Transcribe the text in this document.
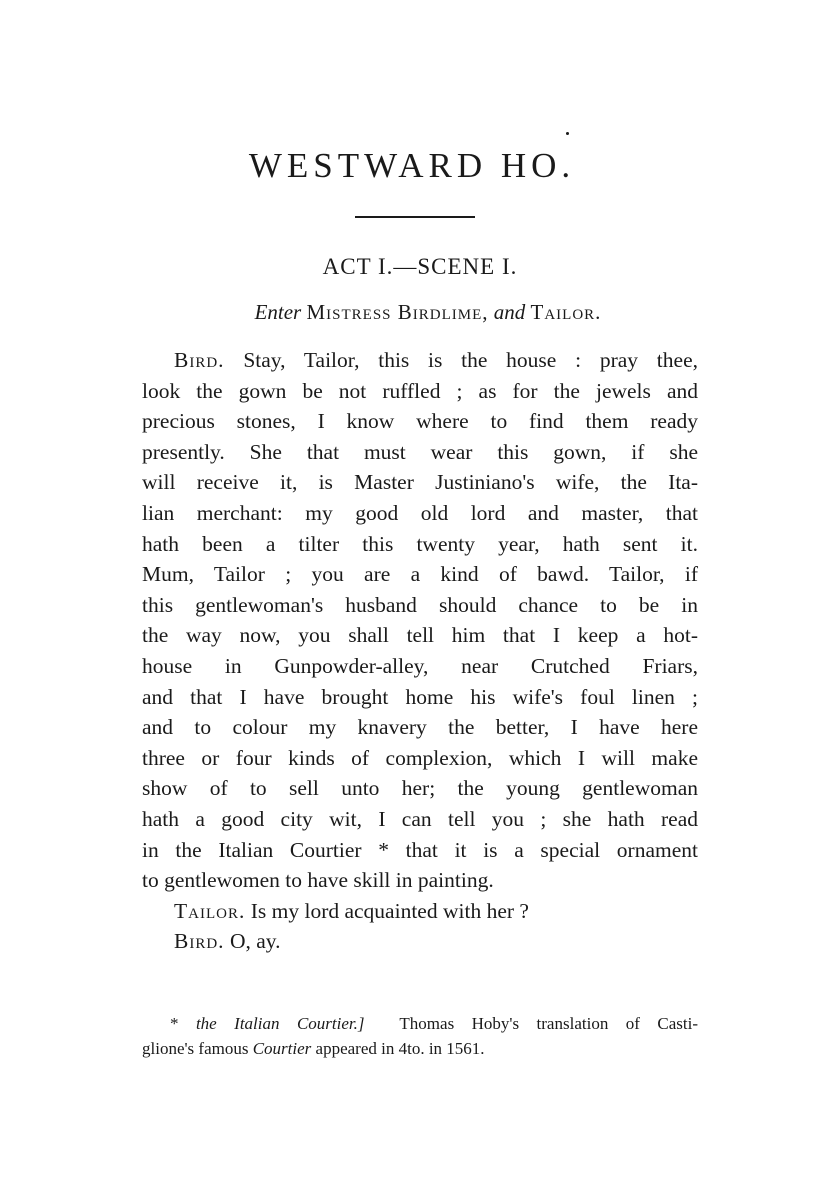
WESTWARD HO.
ACT I.—SCENE I.
Enter Mistress Birdlime, and Tailor.
Bird. Stay, Tailor, this is the house : pray thee,
look the gown be not ruffled ; as for the jewels and
precious stones, I know where to find them ready
presently. She that must wear this gown, if she
will receive it, is Master Justiniano's wife, the Ita-
lian merchant: my good old lord and master, that
hath been a tilter this twenty year, hath sent it.
Mum, Tailor ; you are a kind of bawd. Tailor, if
this gentlewoman's husband should chance to be in
the way now, you shall tell him that I keep a hot-
house in Gunpowder-alley, near Crutched Friars,
and that I have brought home his wife's foul linen ;
and to colour my knavery the better, I have here
three or four kinds of complexion, which I will make
show of to sell unto her; the young gentlewoman
hath a good city wit, I can tell you ; she hath read
in the Italian Courtier * that it is a special ornament
to gentlewomen to have skill in painting.
Tailor. Is my lord acquainted with her ?
Bird. O, ay.
* the Italian Courtier.] Thomas Hoby's translation of Casti-
glione's famous Courtier appeared in 4to. in 1561.
